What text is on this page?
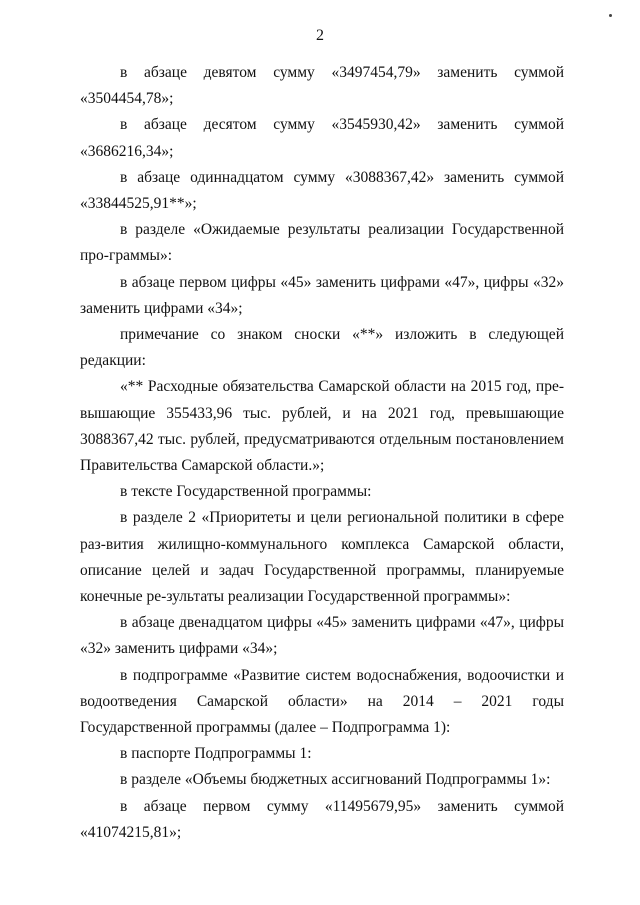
2

в абзаце девятом сумму «3497454,79» заменить суммой

«3504454,78»;

в абзаце десятом сумму «3545930,42» заменить суммой

«3686216,34»;

в абзаце одиннадцатом сумму «3088367,42» заменить суммой

«33844525,91**»;

в разделе «Ожидаемые результаты реализации Государственной про-граммы»:

в абзаце первом цифры «45» заменить цифрами «47», цифры «32» заменить цифрами «34»;

примечание со знаком сноски «**» изложить в следующей редакции:

«** Расходные обязательства Самарской области на 2015 год, пре-вышающие 355433,96 тыс. рублей, и на 2021 год, превышающие 3088367,42 тыс. рублей, предусматриваются отдельным постановлением Правительства Самарской области.»;

в тексте Государственной программы:

в разделе 2 «Приоритеты и цели региональной политики в сфере раз-вития жилищно-коммунального комплекса Самарской области, описание целей и задач Государственной программы, планируемые конечные ре-зультаты реализации Государственной программы»:

в абзаце двенадцатом цифры «45» заменить цифрами «47», цифры «32» заменить цифрами «34»;

в подпрограмме «Развитие систем водоснабжения, водоочистки и водоотведения Самарской области» на 2014 – 2021 годы Государственной программы (далее – Подпрограмма 1):

в паспорте Подпрограммы 1:

в разделе «Объемы бюджетных ассигнований Подпрограммы 1»:

в абзаце первом сумму «11495679,95» заменить суммой

«41074215,81»;
